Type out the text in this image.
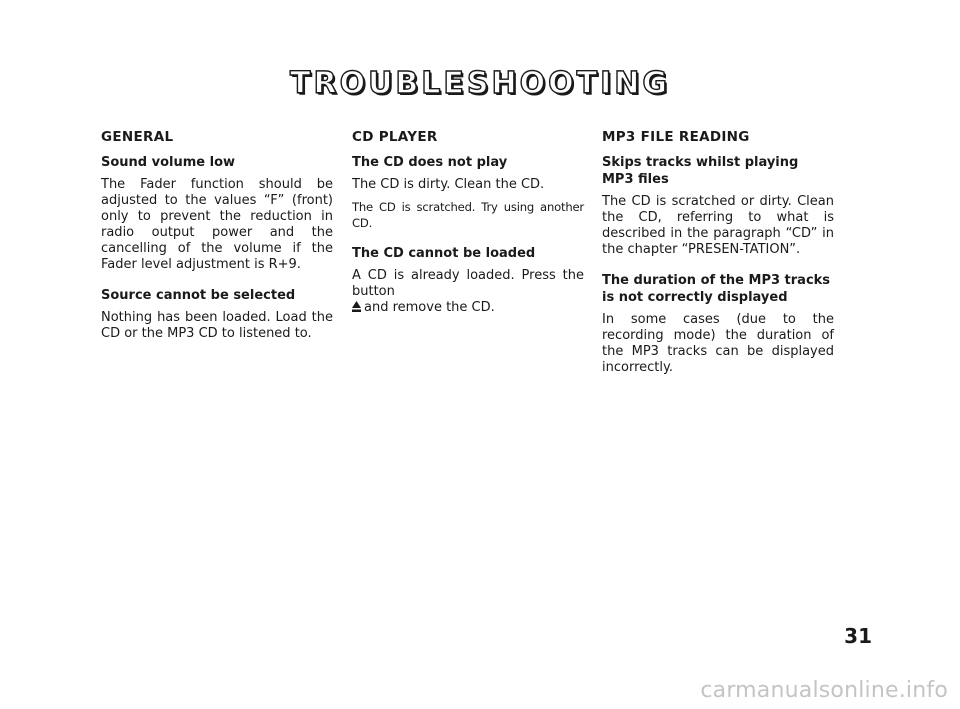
TROUBLESHOOTING
GENERAL
Sound volume low

The Fader function should be adjusted to the values “F” (front) only to prevent the reduction in radio output power and the cancelling of the volume if the Fader level adjustment is R+9.

Source cannot be selected

Nothing has been loaded. Load the CD or the MP3 CD to listened to.

CD PLAYER
The CD does not play

The CD is dirty. Clean the CD.

The CD is scratched. Try using another CD.

The CD cannot be loaded

A CD is already loaded. Press the button
and remove the CD.

MP3 FILE READING
Skips tracks whilst playing MP3 files

The CD is scratched or dirty. Clean the CD, referring to what is described in the paragraph “CD” in the chapter “PRESEN-TATION”.

The duration of the MP3 tracks
is not correctly displayed

In some cases (due to the recording mode) the duration of the MP3 tracks can be displayed incorrectly.

31

carmanualsonline.info
